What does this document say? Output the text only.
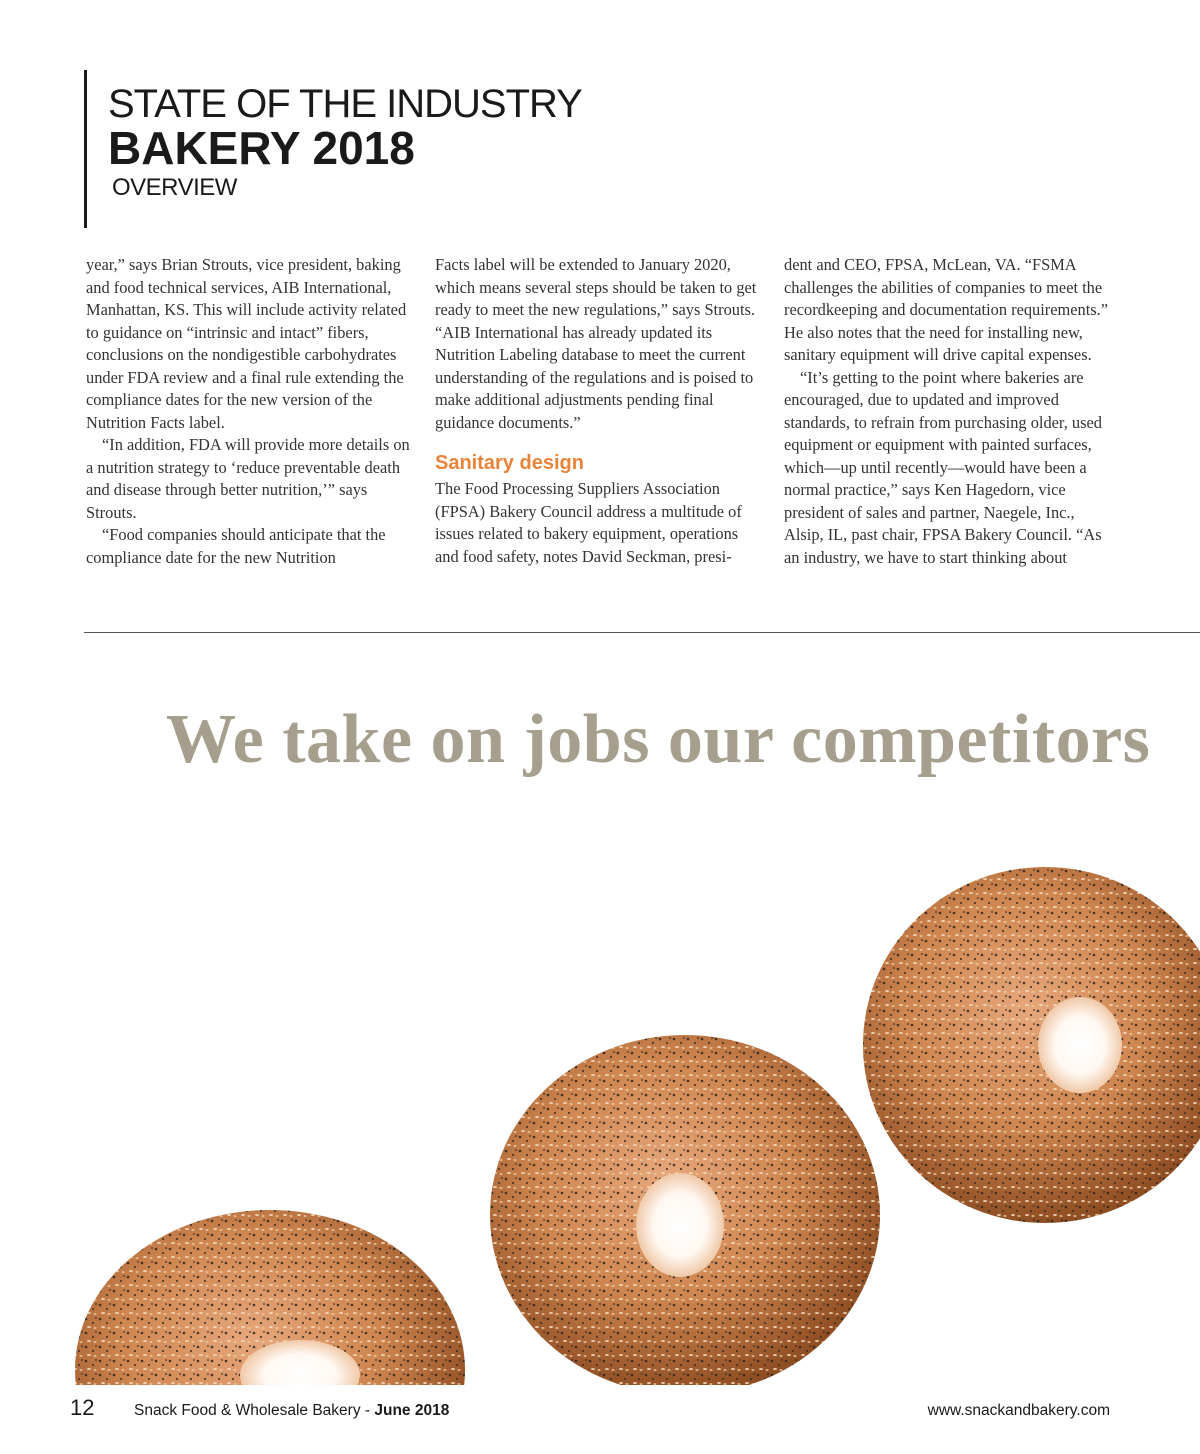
STATE OF THE INDUSTRY
BAKERY 2018
OVERVIEW

year,” says Brian Strouts, vice president, baking and food technical services, AIB International, Manhattan, KS. This will include activity related to guidance on “intrinsic and intact” fibers, conclusions on the nondigestible carbohydrates under FDA review and a final rule extending the compliance dates for the new version of the Nutrition Facts label.

“In addition, FDA will provide more details on a nutrition strategy to ‘reduce preventable death and disease through better nutrition,’” says Strouts.

“Food companies should anticipate that the compliance date for the new Nutrition

Facts label will be extended to January 2020, which means several steps should be taken to get ready to meet the new regulations,” says Strouts. “AIB International has already updated its Nutrition Labeling database to meet the current understanding of the regulations and is poised to make additional adjustments pending final guidance documents.”

Sanitary design

The Food Processing Suppliers Association (FPSA) Bakery Council address a multitude of issues related to bakery equipment, operations and food safety, notes David Seckman, presi-

dent and CEO, FPSA, McLean, VA. “FSMA challenges the abilities of companies to meet the recordkeeping and documentation requirements.” He also notes that the need for installing new, sanitary equipment will drive capital expenses.

“It’s getting to the point where bakeries are encouraged, due to updated and improved standards, to refrain from purchasing older, used equipment or equipment with painted surfaces, which—up until recently—would have been a normal practice,” says Ken Hagedorn, vice president of sales and partner, Naegele, Inc., Alsip, IL, past chair, FPSA Bakery Council. “As an industry, we have to start thinking about

We take on jobs our competitors
12	Snack Food & Wholesale Bakery - June 2018	www.snackandbakery.com
